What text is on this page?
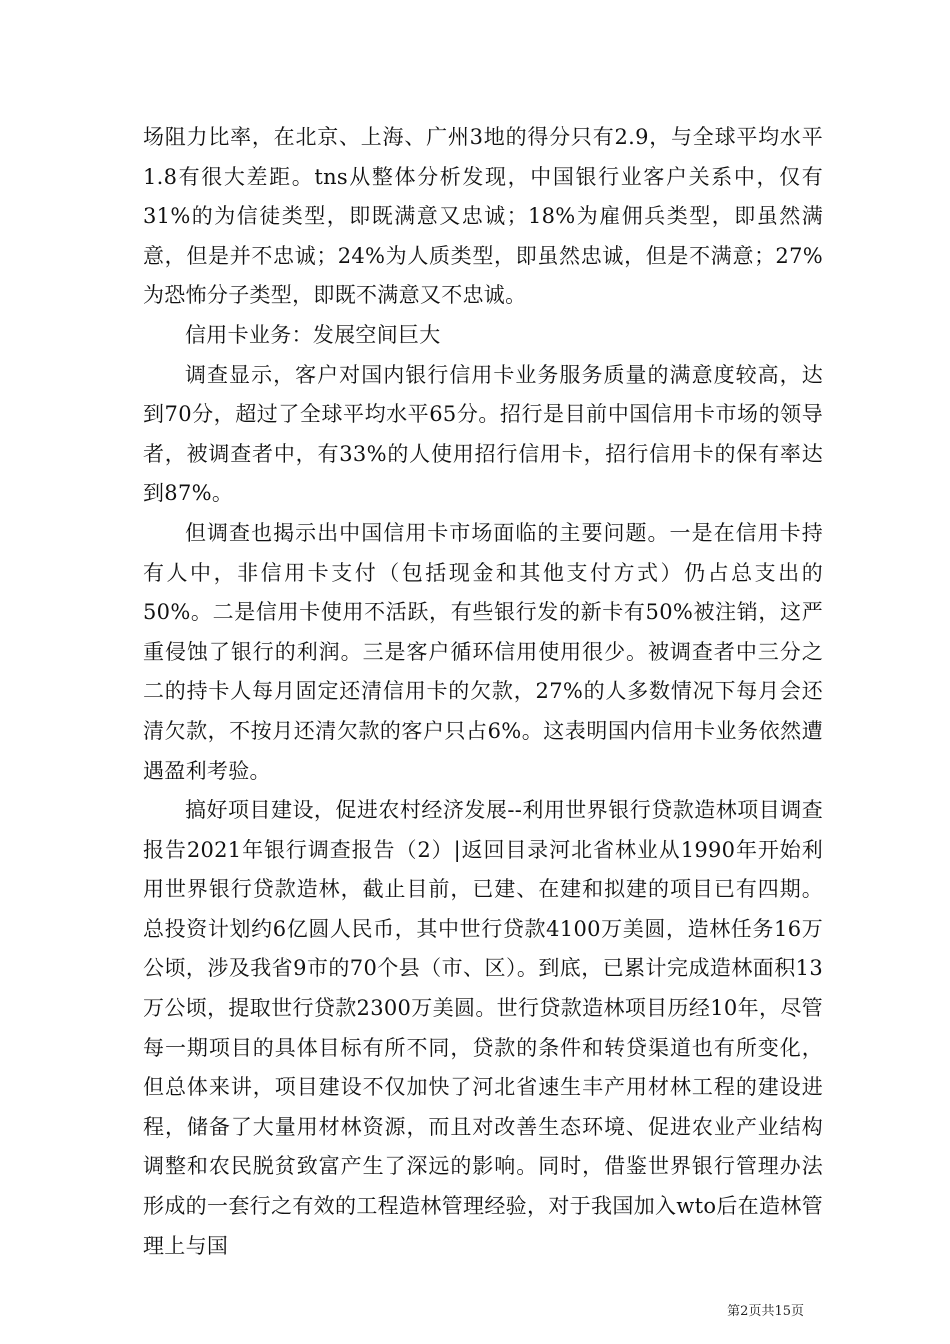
场阻力比率，在北京、上海、广州3地的得分只有2.9，与全球平均水平1.8有很大差距。tns从整体分析发现，中国银行业客户关系中，仅有31%的为信徒类型，即既满意又忠诚；18%为雇佣兵类型，即虽然满意，但是并不忠诚；24%为人质类型，即虽然忠诚，但是不满意；27%为恐怖分子类型，即既不满意又不忠诚。

信用卡业务：发展空间巨大

调查显示，客户对国内银行信用卡业务服务质量的满意度较高，达到70分，超过了全球平均水平65分。招行是目前中国信用卡市场的领导者，被调查者中，有33%的人使用招行信用卡，招行信用卡的保有率达到87%。

但调查也揭示出中国信用卡市场面临的主要问题。一是在信用卡持有人中，非信用卡支付（包括现金和其他支付方式）仍占总支出的50%。二是信用卡使用不活跃，有些银行发的新卡有50%被注销，这严重侵蚀了银行的利润。三是客户循环信用使用很少。被调查者中三分之二的持卡人每月固定还清信用卡的欠款，27%的人多数情况下每月会还清欠款，不按月还清欠款的客户只占6%。这表明国内信用卡业务依然遭遇盈利考验。

搞好项目建设，促进农村经济发展--利用世界银行贷款造林项目调查报告2021年银行调查报告（2）|返回目录河北省林业从1990年开始利用世界银行贷款造林，截止目前，已建、在建和拟建的项目已有四期。总投资计划约6亿圆人民币，其中世行贷款4100万美圆，造林任务16万公顷，涉及我省9市的70个县（市、区）。到底，已累计完成造林面积13万公顷，提取世行贷款2300万美圆。世行贷款造林项目历经10年，尽管每一期项目的具体目标有所不同，贷款的条件和转贷渠道也有所变化，但总体来讲，项目建设不仅加快了河北省速生丰产用材林工程的建设进程，储备了大量用材林资源，而且对改善生态环境、促进农业产业结构调整和农民脱贫致富产生了深远的影响。同时，借鉴世界银行管理办法形成的一套行之有效的工程造林管理经验，对于我国加入wto后在造林管理上与国

第2页共15页
